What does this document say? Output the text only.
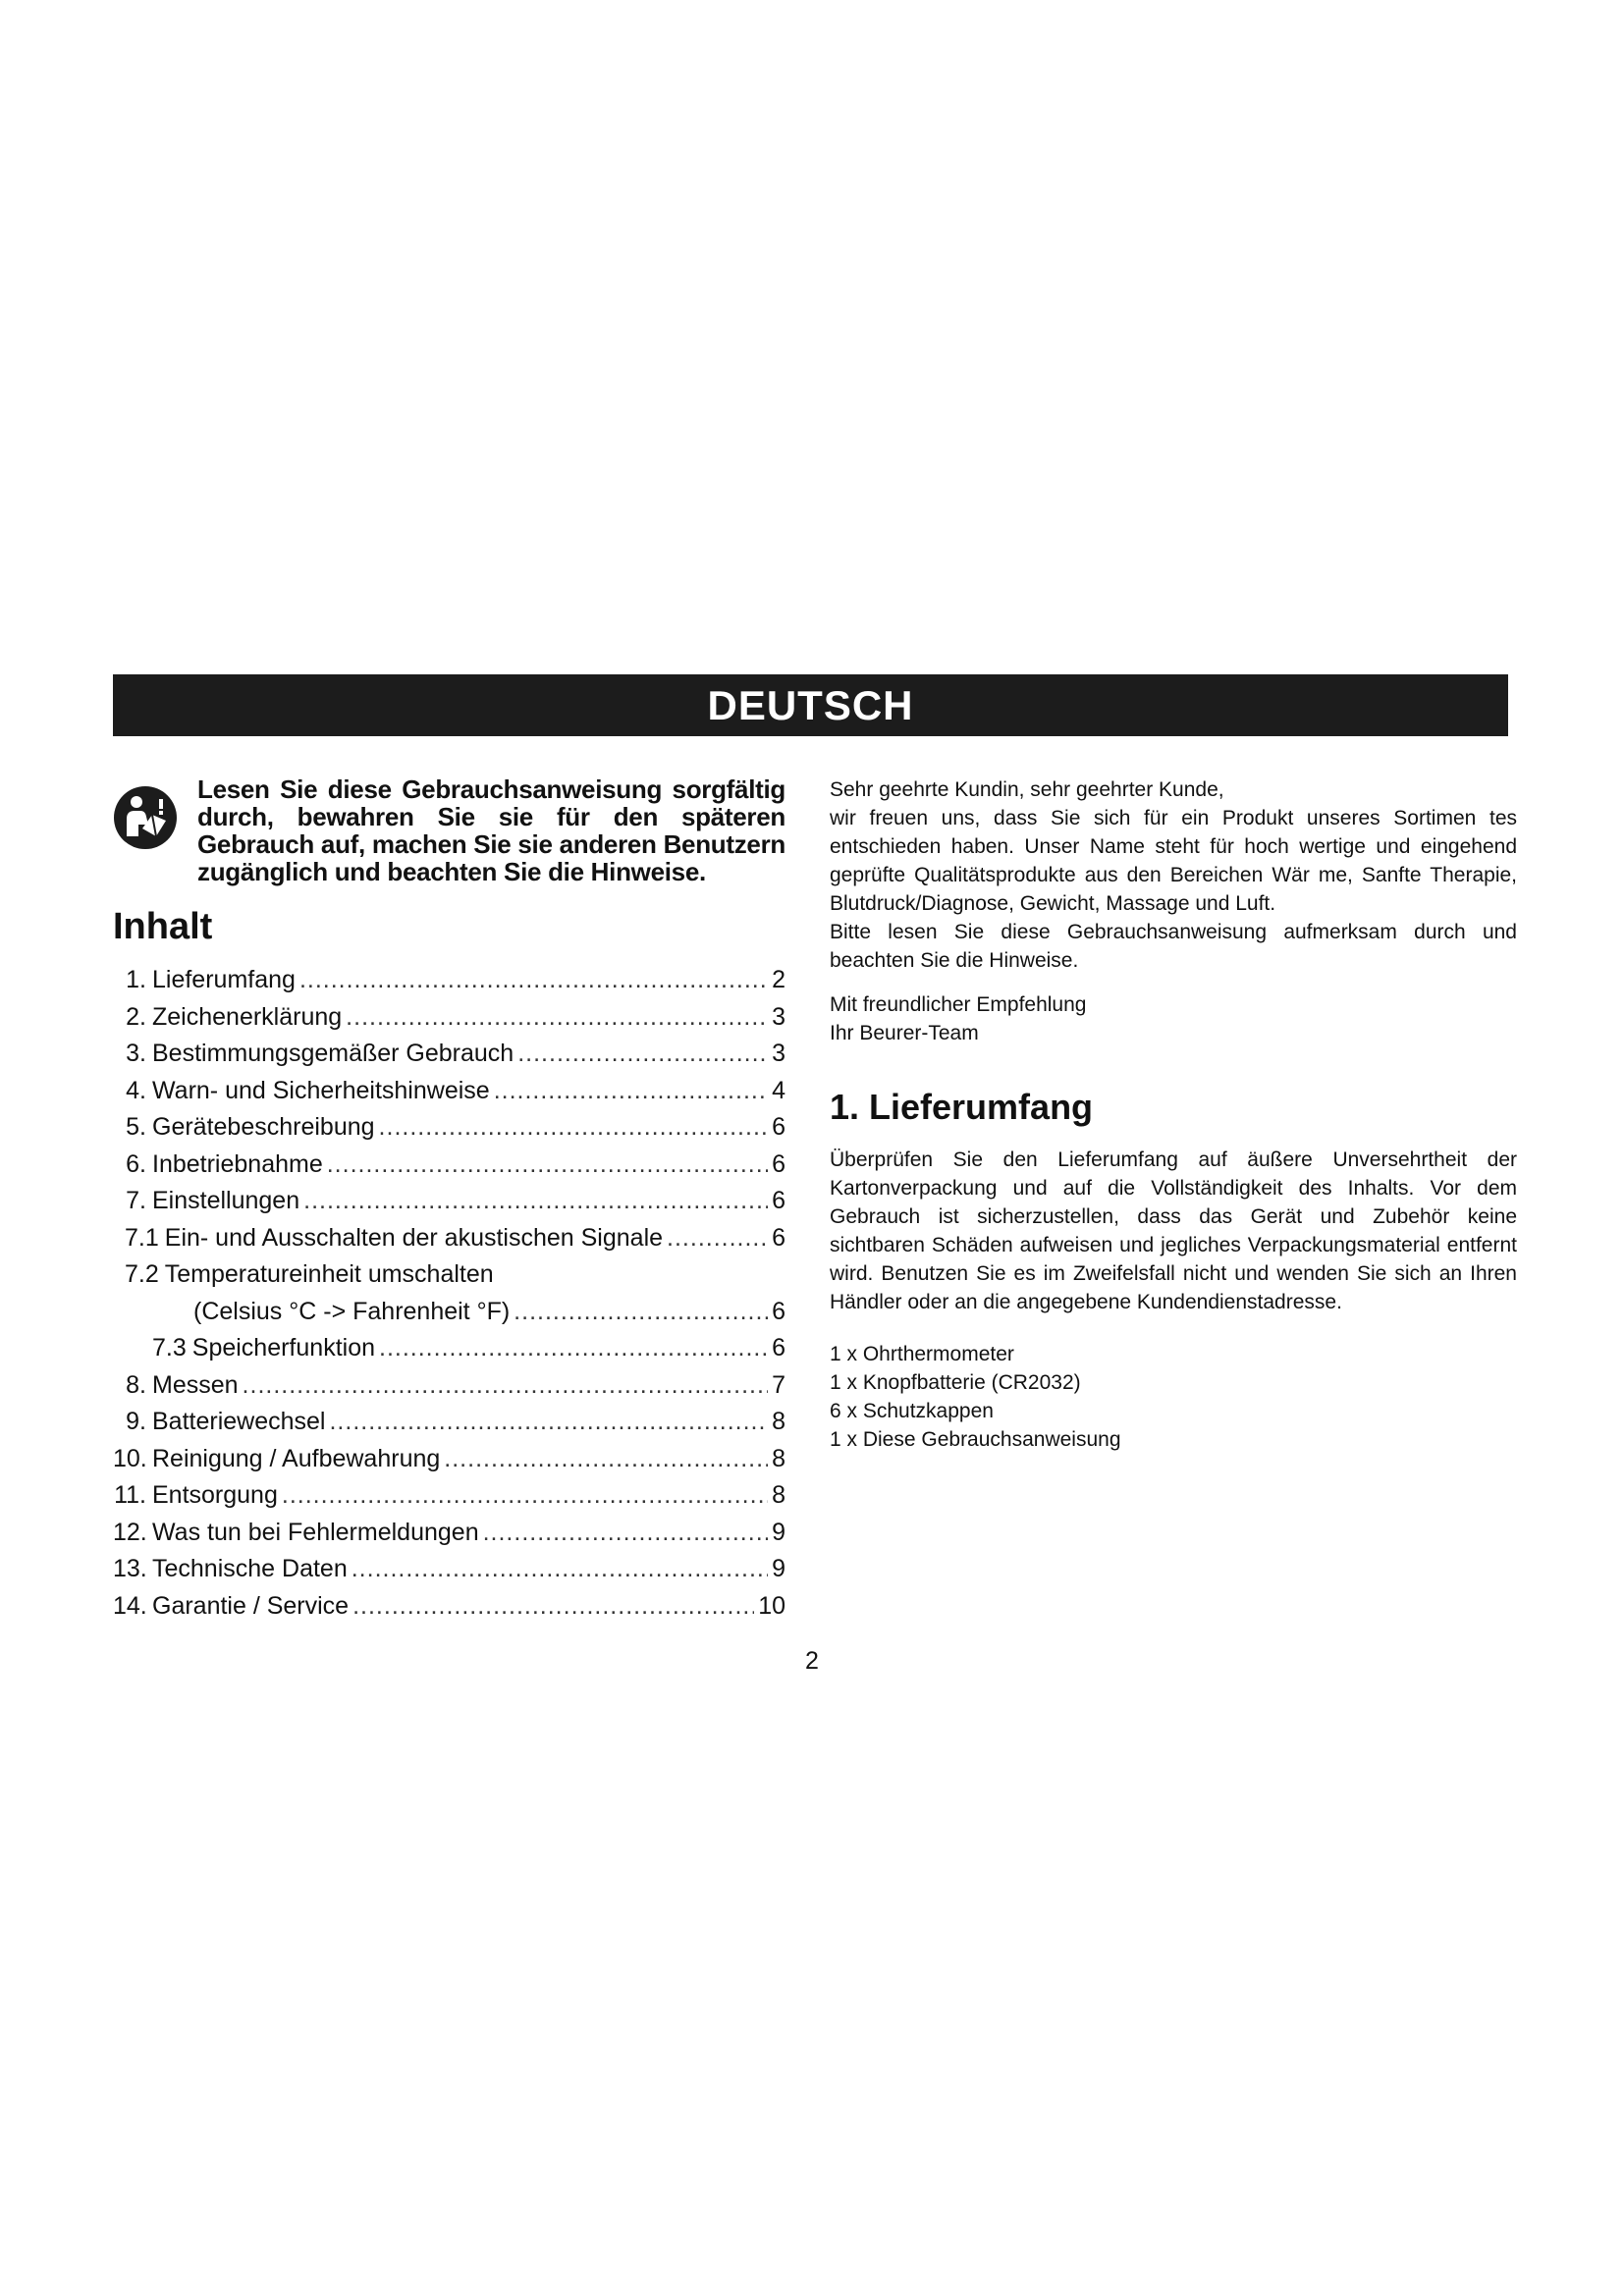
DEUTSCH
Lesen Sie diese Gebrauchsanweisung sorgfältig durch, bewahren Sie sie für den späteren Gebrauch auf, machen Sie sie anderen Benutzern zugänglich und beachten Sie die Hinweise.
Inhalt
1. Lieferumfang .....	2
2. Zeichenerklärung .....	3
3. Bestimmungsgemäßer Gebrauch .....	3
4. Warn- und Sicherheitshinweise .....	4
5. Gerätebeschreibung .....	6
6. Inbetriebnahme .....	6
7. Einstellungen .....	6
7.1 Ein- und Ausschalten der akustischen Signale .....	6
7.2 Temperatureinheit umschalten
(Celsius °C -> Fahrenheit °F) .....	6
7.3 Speicherfunktion .....	6
8. Messen .....	7
9. Batteriewechsel .....	8
10. Reinigung / Aufbewahrung .....	8
11. Entsorgung .....	8
12. Was tun bei Fehlermeldungen .....	9
13. Technische Daten .....	9
14. Garantie / Service .....	10

Sehr geehrte Kundin, sehr geehrter Kunde,

wir freuen uns, dass Sie sich für ein Produkt unseres Sortimen tes entschieden haben. Unser Name steht für hoch wertige und eingehend geprüfte Qualitätsprodukte aus den Bereichen Wär me, Sanfte Therapie, Blutdruck/Diagnose, Gewicht, Massage und Luft.

Bitte lesen Sie diese Gebrauchsanweisung aufmerksam durch und beachten Sie die Hinweise.

Mit freundlicher Empfehlung

Ihr Beurer-Team

1. Lieferumfang

Überprüfen Sie den Lieferumfang auf äußere Unversehrtheit der Kartonverpackung und auf die Vollständigkeit des Inhalts. Vor dem Gebrauch ist sicherzustellen, dass das Gerät und Zubehör keine sichtbaren Schäden aufweisen und jegliches Verpackungsmaterial entfernt wird. Benutzen Sie es im Zweifelsfall nicht und wenden Sie sich an Ihren Händler oder an die angegebene Kundendienstadresse.

1 x Ohrthermometer
1 x Knopfbatterie (CR2032)
6 x Schutzkappen
1 x Diese Gebrauchsanweisung
2
